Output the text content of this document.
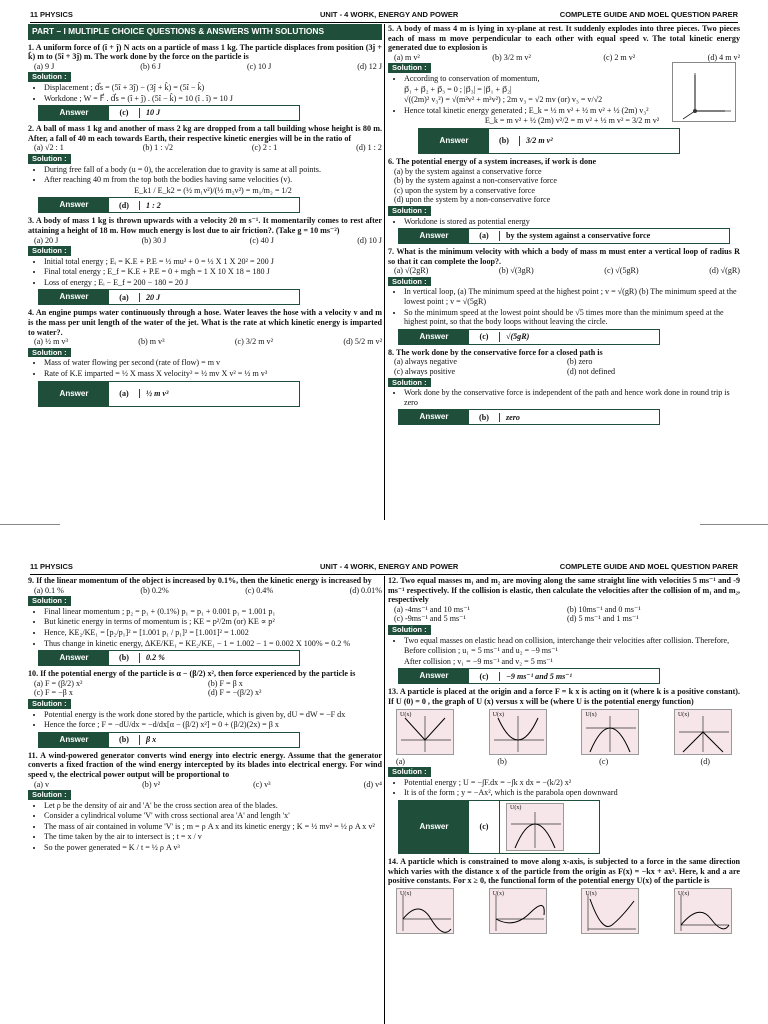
11 PHYSICS	UNIT - 4 WORK, ENERGY AND POWER	COMPLETE GUIDE AND MOEL QUESTION PARER
PART – I MULTIPLE CHOICE QUESTIONS & ANSWERS WITH SOLUTIONS
1. A uniform force of (î + ĵ) N acts on a particle of mass 1 kg. The particle displaces from position (3ĵ + k̂) m to (5î + 3ĵ) m. The work done by the force on the particle is
(a) 9 J	(b) 6 J	(c) 10 J	(d) 12 J
Solution :
• Displacement ; d⃗s = (5î + 3ĵ) − (3ĵ + k̂) = (5î − k̂)
• Workdone ; W = F⃗ . d⃗s = (î + ĵ) . (5î − k̂) = 10 (î . î) = 10 J
Answer	(c)	10 J
2. A ball of mass 1 kg and another of mass 2 kg are dropped from a tall building whose height is 80 m. After, a fall of 40 m each towards Earth, their respective kinetic energies will be in the ratio of
(a) √2 : 1	(b) 1 : √2	(c) 2 : 1	(d) 1 : 2
Solution :
• During free fall of a body (u = 0), the acceleration due to gravity is same at all points.
• After reaching 40 m from the top both the bodies having same velocities (v).
E_k1 / E_k2 = (½ m₁v²)/(½ m₂v²) = m₁/m₂ = 1/2
Answer	(d)	1 : 2
3. A body of mass 1 kg is thrown upwards with a velocity 20 m s⁻¹. It momentarily comes to rest after attaining a height of 18 m. How much energy is lost due to air friction?. (Take g = 10 ms⁻²)
(a) 20 J	(b) 30 J	(c) 40 J	(d) 10 J
Solution :
• Initial total energy ; Eᵢ = K.E + P.E = ½ mu² + 0 = ½ X 1 X 20² = 200 J
• Final total energy ; E_f = K.E + P.E = 0 + mgh = 1 X 10 X 18 = 180 J
• Loss of energy ; Eᵢ − E_f = 200 − 180 = 20 J
Answer	(a)	20 J
4. An engine pumps water continuously through a hose. Water leaves the hose with a velocity v and m is the mass per unit length of the water of the jet. What is the rate at which kinetic energy is imparted to water?.
(a) ½ m v³	(b) m v³	(c) 3/2 m v²	(d) 5/2 m v²
Solution :
• Mass of water flowing per second (rate of flow) = m v
• Rate of K.E imparted = ½ X mass X velocity² = ½ mv X v² = ½ m v³
Answer	(a)	½ m v³
5. A body of mass 4 m is lying in xy-plane at rest. It suddenly explodes into three pieces. Two pieces each of mass m move perpendicular to each other with equal speed v. The total kinetic energy generated due to explosion is
(a) m v²	(b) 3/2 m v²	(c) 2 m v²	(d) 4 m v²
Solution :
• According to conservation of momentum,
p⃗₁ + p⃗₂ + p⃗₃ = 0 ; |p⃗₃| = |p⃗₁ + p⃗₂|
√((2m)² v₃²) = √(m²v² + m²v²) ; 2m v₃ = √2 mv (or) v₃ = v/√2
• Hence total kinetic energy generated ; E_k = ½ m v² + ½ m v² + ½ (2m) v₃²
E_k = m v² + ½ (2m) v²/2 = m v² + ½ m v² = 3/2 m v²
Answer	(b)	3/2 m v²
6. The potential energy of a system increases, if work is done
(a) by the system against a conservative force
(b) by the system against a non-conservative force
(c) upon the system by a conservative force
(d) upon the system by a non-conservative force
Solution :
• Workdone is stored as potential energy
Answer	(a)	by the system against a conservative force
7. What is the minimum velocity with which a body of mass m must enter a vertical loop of radius R so that it can complete the loop?.
(a) √(2gR)	(b) √(3gR)	(c) √(5gR)	(d) √(gR)
Solution :
• In vertical loop, (a) The minimum speed at the highest point ; v = √(gR) (b) The minimum speed at the lowest point ; v = √(5gR)
• So the minimum speed at the lowest point should be √5 times more than the minimum speed at the highest point, so that the body loops without leaving the circle.
Answer	(c)	√(5gR)
8. The work done by the conservative force for a closed path is
(a) always negative	(b) zero
(c) always positive	(d) not defined
Solution :
• Work done by the conservative force is independent of the path and hence work done in round trip is zero
Answer	(b)	zero
11 PHYSICS	UNIT - 4 WORK, ENERGY AND POWER	COMPLETE GUIDE AND MOEL QUESTION PARER
9. If the linear momentum of the object is increased by 0.1%, then the kinetic energy is increased by
(a) 0.1 %	(b) 0.2%	(c) 0.4%	(d) 0.01%
Solution :
• Final linear momentum ; p₂ = p₁ + (0.1%) p₁ = p₁ + 0.001 p₁ = 1.001 p₁
• But kinetic energy in terms of momentum is ; KE = p²/2m (or) KE ∝ p²
• Hence, KE₂/KE₁ = [p₂/p₁]² = [1.001 p₁ / p₁]² = [1.001]² = 1.002
• Thus change in kinetic energy, ΔKE/KE₁ = KE₂/KE₁ − 1 = 1.002 − 1 = 0.002 X 100% = 0.2 %
Answer	(b)	0.2 %
10. If the potential energy of the particle is α − (β/2) x², then force experienced by the particle is
(a) F = (β/2) x²	(b) F = β x
(c) F = −β x	(d) F = −(β/2) x²
Solution :
• Potential energy is the work done stored by the particle, which is given by, dU = dW = −F dx
• Hence the force ; F = −dU/dx = −d/dx[α − (β/2) x²] = 0 + (β/2)(2x) = β x
Answer	(b)	β x
11. A wind-powered generator converts wind energy into electric energy. Assume that the generator converts a fixed fraction of the wind energy intercepted by its blades into electrical energy. For wind speed v, the electrical power output will be proportional to
(a) v	(b) v²	(c) v³	(d) v⁴
Solution :
• Let ρ be the density of air and 'A' be the cross section area of the blades.
• Consider a cylindrical volume 'V' with cross sectional area 'A' and length 'x'
• The mass of air contained in volume 'V' is ; m = ρ A x and its kinetic energy ; K = ½ mv² = ½ ρ A x v²
• The time taken by the air to intersect is ; t = x / v
• So the power generated = K / t = ½ ρ A v³
12. Two equal masses m₁ and m₂ are moving along the same straight line with velocities 5 ms⁻¹ and -9 ms⁻¹ respectively. If the collision is elastic, then calculate the velocities after the collision of m₁ and m₂, respectively
(a) -4ms⁻¹ and 10 ms⁻¹	(b) 10ms⁻¹ and 0 ms⁻¹
(c) -9ms⁻¹ and 5 ms⁻¹	(d) 5 ms⁻¹ and 1 ms⁻¹
Solution :
• Two equal masses on elastic head on collision, interchange their velocities after collision. Therefore,
Before collision ; u₁ = 5 ms⁻¹ and u₂ = −9 ms⁻¹
After collision ; v₁ = −9 ms⁻¹ and v₂ = 5 ms⁻¹
Answer	(c)	−9 ms⁻¹ and 5 ms⁻¹
13. A particle is placed at the origin and a force F = k x is acting on it (where k is a positive constant). If U (0) = 0 , the graph of U (x) versus x will be (where U is the potential energy function)
U(x)	U(x)	U(x)	U(x)
(a)	(b)	(c)	(d)
Solution :
• Potential energy ; U = −∫F.dx = −∫k x dx = −(k/2) x²
• It is of the form ; y = −Ax², which is the parabola open downward
Answer	(c)
U(x)
14. A particle which is constrained to move along x-axis, is subjected to a force in the same direction which varies with the distance x of the particle from the origin as F(x) = −kx + ax³. Here, k and a are positive constants. For x ≥ 0, the functional form of the potential energy U(x) of the particle is
U(x)	U(x)	U(x)	U(x)
